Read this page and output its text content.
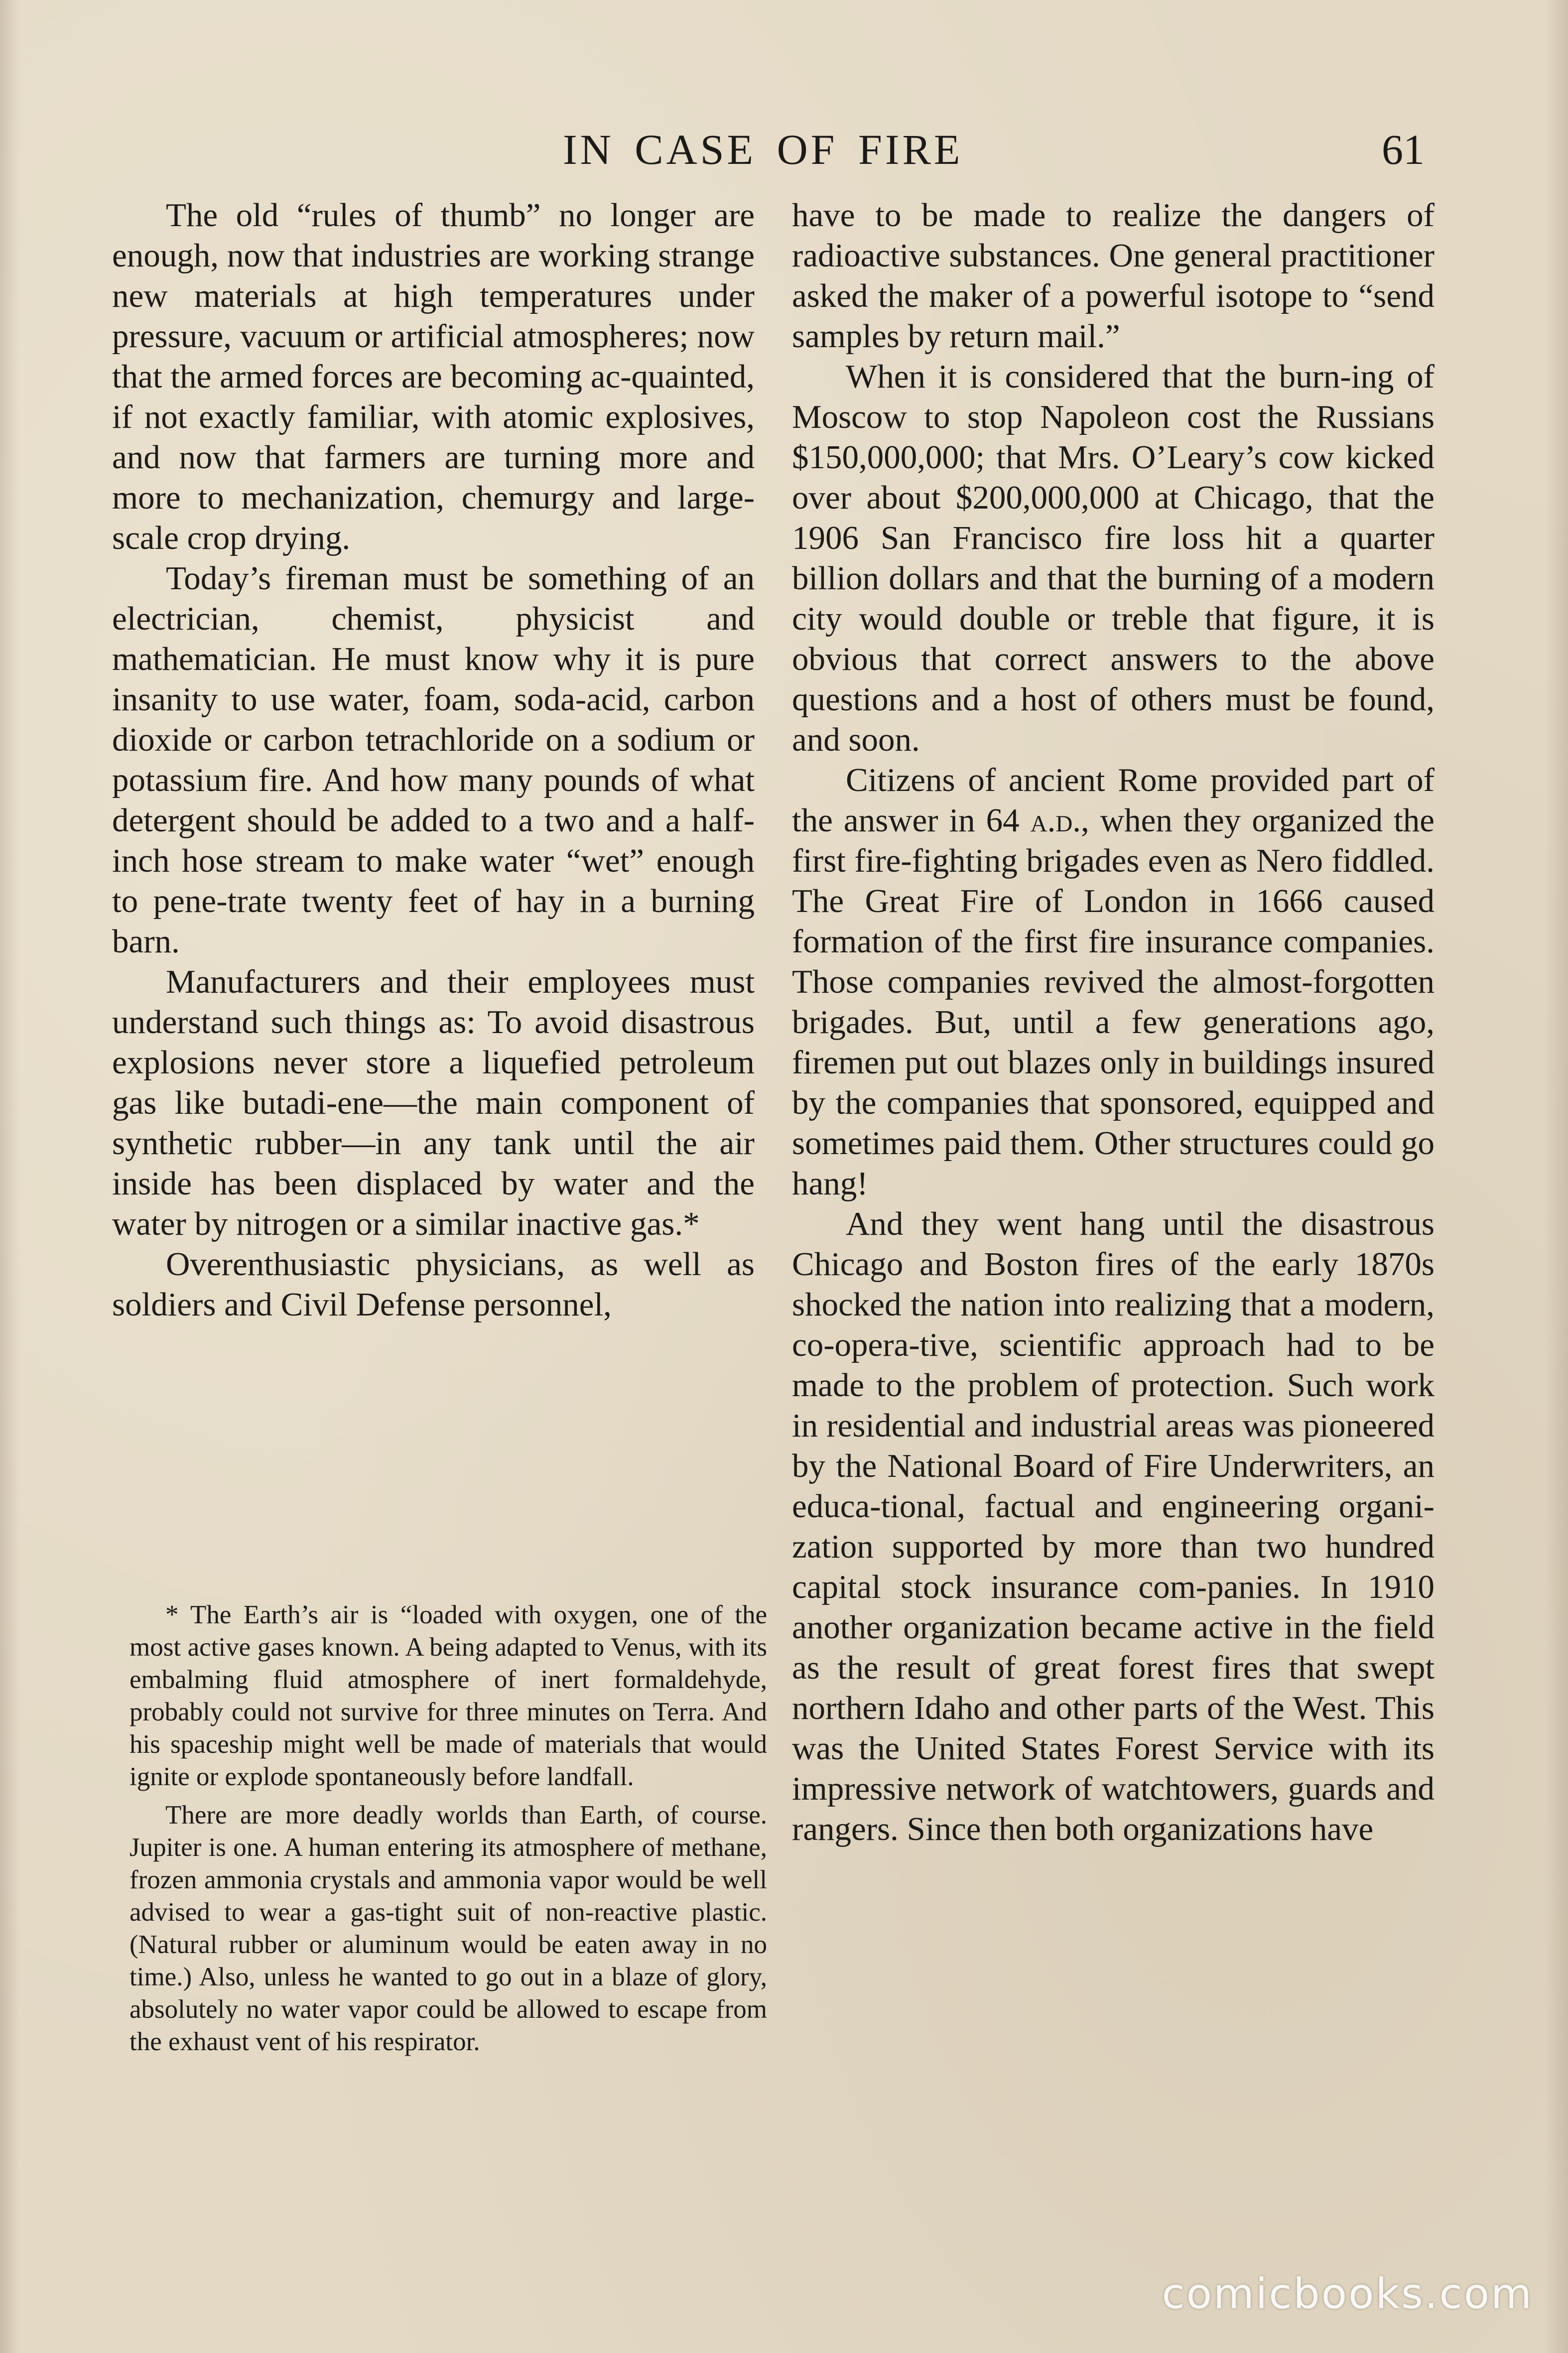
IN CASE OF FIRE	61

The old “rules of thumb” no longer are enough, now that industries are working strange new materials at high temperatures under pressure, vacuum or artificial atmospheres; now that the armed forces are becoming ac-quainted, if not exactly familiar, with atomic explosives, and now that farmers are turning more and more to mechanization, chemurgy and large-scale crop drying.

Today’s fireman must be something of an electrician, chemist, physicist and mathematician. He must know why it is pure insanity to use water, foam, soda-acid, carbon dioxide or carbon tetrachloride on a sodium or potassium fire. And how many pounds of what detergent should be added to a two and a half-inch hose stream to make water “wet” enough to pene-trate twenty feet of hay in a burning barn.

Manufacturers and their employees must understand such things as: To avoid disastrous explosions never store a liquefied petroleum gas like butadi-ene—the main component of synthetic rubber—in any tank until the air inside has been displaced by water and the water by nitrogen or a similar inactive gas.*

Overenthusiastic physicians, as well as soldiers and Civil Defense personnel,

* The Earth’s air is “loaded with oxygen, one of the most active gases known. A being adapted to Venus, with its embalming fluid atmosphere of inert formaldehyde, probably could not survive for three minutes on Terra. And his spaceship might well be made of materials that would ignite or explode spontaneously before landfall.

There are more deadly worlds than Earth, of course. Jupiter is one. A human entering its atmosphere of methane, frozen ammonia crystals and ammonia vapor would be well advised to wear a gas-tight suit of non-reactive plastic. (Natural rubber or aluminum would be eaten away in no time.) Also, unless he wanted to go out in a blaze of glory, absolutely no water vapor could be allowed to escape from the exhaust vent of his respirator.

have to be made to realize the dangers of radioactive substances. One general practitioner asked the maker of a powerful isotope to “send samples by return mail.”

When it is considered that the burn-ing of Moscow to stop Napoleon cost the Russians $150,000,000; that Mrs. O’Leary’s cow kicked over about $200,000,000 at Chicago, that the 1906 San Francisco fire loss hit a quarter billion dollars and that the burning of a modern city would double or treble that figure, it is obvious that correct answers to the above questions and a host of others must be found, and soon.

Citizens of ancient Rome provided part of the answer in 64 a.d., when they organized the first fire-fighting brigades even as Nero fiddled. The Great Fire of London in 1666 caused formation of the first fire insurance companies. Those companies revived the almost-forgotten brigades. But, until a few generations ago, firemen put out blazes only in buildings insured by the companies that sponsored, equipped and sometimes paid them. Other structures could go hang!

And they went hang until the disastrous Chicago and Boston fires of the early 1870s shocked the nation into realizing that a modern, co-opera-tive, scientific approach had to be made to the problem of protection. Such work in residential and industrial areas was pioneered by the National Board of Fire Underwriters, an educa-tional, factual and engineering organi-zation supported by more than two hundred capital stock insurance com-panies. In 1910 another organization became active in the field as the result of great forest fires that swept northern Idaho and other parts of the West. This was the United States Forest Service with its impressive network of watchtowers, guards and rangers. Since then both organizations have

comicbooks.com
